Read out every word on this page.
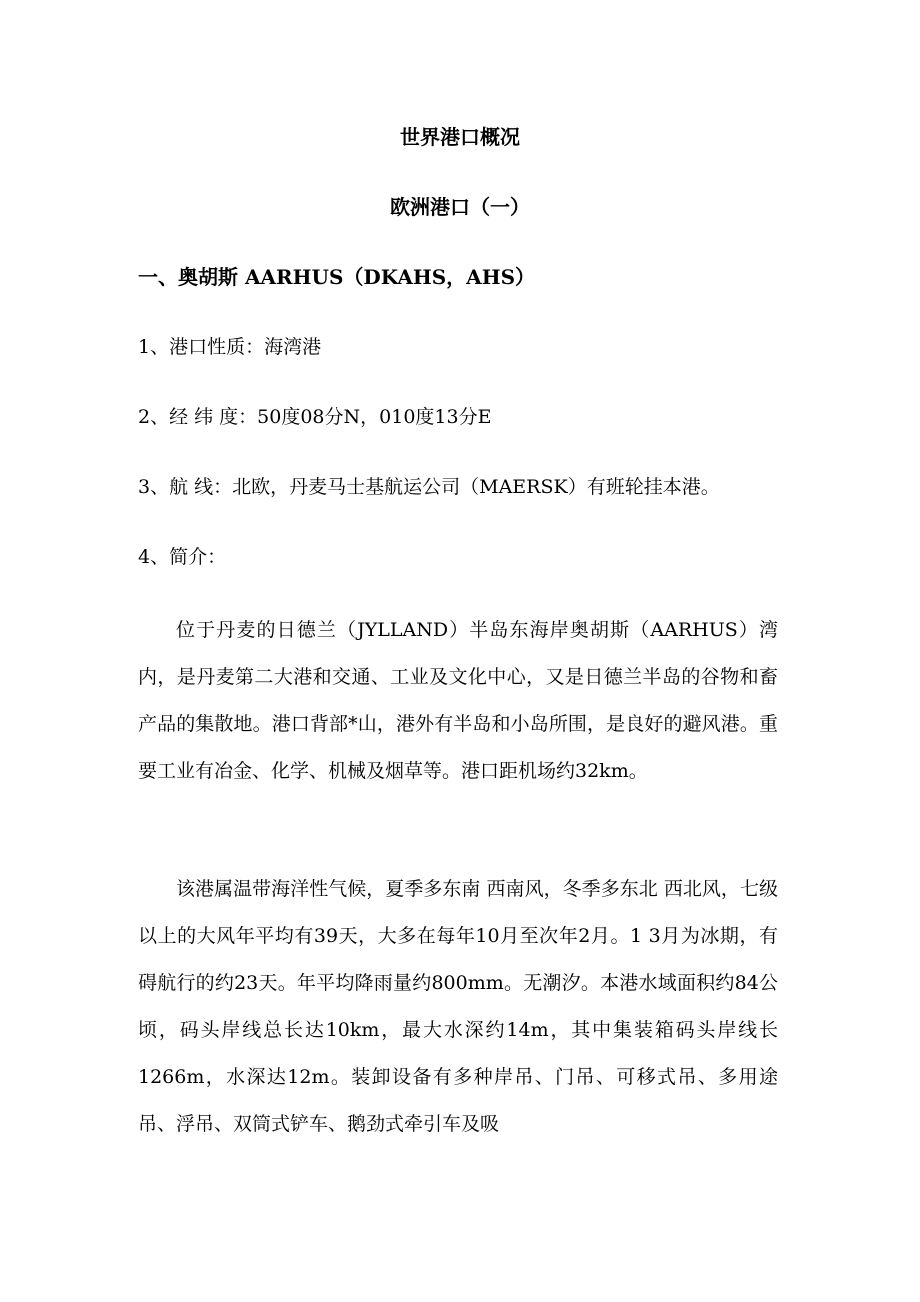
世界港口概况
欧洲港口（一）
一、奥胡斯 AARHUS（DKAHS，AHS）

1、港口性质：海湾港

2、经 纬 度：50度08分N，010度13分E

3、航 线：北欧，丹麦马士基航运公司（MAERSK）有班轮挂本港。

4、简介：

位于丹麦的日德兰（JYLLAND）半岛东海岸奥胡斯（AARHUS）湾内，是丹麦第二大港和交通、工业及文化中心，又是日德兰半岛的谷物和畜产品的集散地。港口背部*山，港外有半岛和小岛所围，是良好的避风港。重要工业有冶金、化学、机械及烟草等。港口距机场约32km。

该港属温带海洋性气候，夏季多东南 西南风，冬季多东北 西北风，七级以上的大风年平均有39天，大多在每年10月至次年2月。1 3月为冰期，有碍航行的约23天。年平均降雨量约800mm。无潮汐。本港水域面积约84公顷，码头岸线总长达10km，最大水深约14m，其中集装箱码头岸线长1266m，水深达12m。装卸设备有多种岸吊、门吊、可移式吊、多用途吊、浮吊、双筒式铲车、鹅劲式牵引车及吸
